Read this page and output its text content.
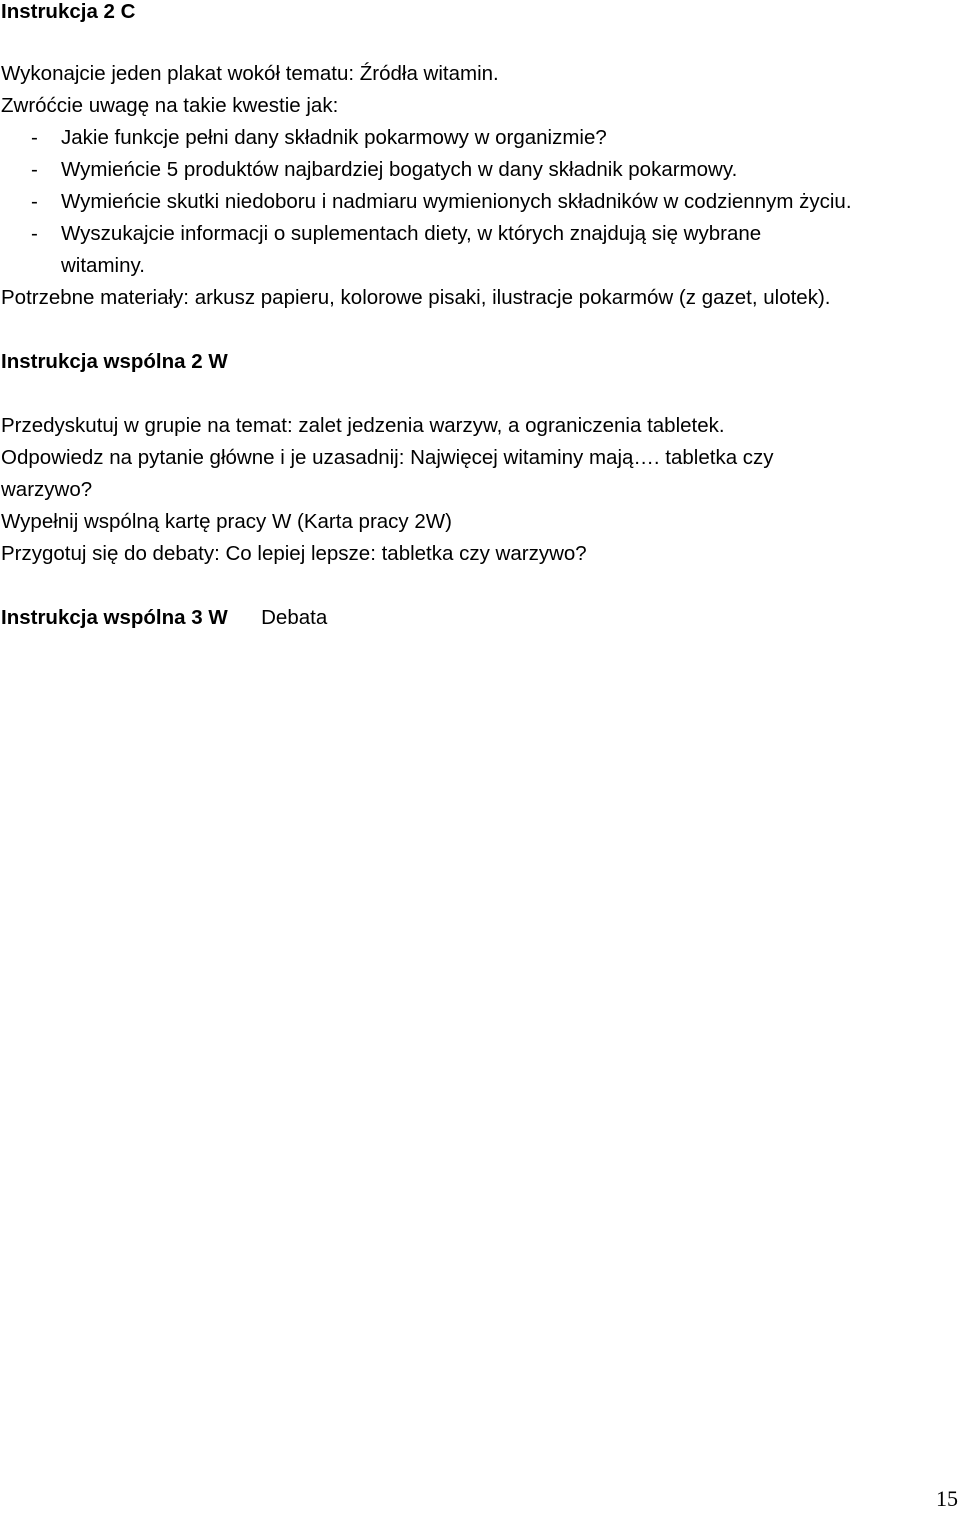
Instrukcja 2 C
Wykonajcie jeden plakat wokół tematu: Źródła witamin.
Zwróćcie uwagę na takie kwestie jak:
- Jakie funkcje pełni dany składnik pokarmowy w organizmie?
- Wymieńcie 5 produktów najbardziej bogatych w dany składnik pokarmowy.
- Wymieńcie skutki niedoboru i nadmiaru wymienionych składników w codziennym życiu.
- Wyszukajcie informacji o suplementach diety, w których znajdują się wybrane
witaminy.
Potrzebne materiały: arkusz papieru, kolorowe pisaki, ilustracje pokarmów (z gazet, ulotek).
Instrukcja wspólna 2 W
Przedyskutuj w grupie na temat: zalet jedzenia warzyw, a ograniczenia tabletek.
Odpowiedz na pytanie główne i je uzasadnij: Najwięcej witaminy mają…. tabletka czy
warzywo?
Wypełnij wspólną kartę pracy W (Karta pracy 2W)
Przygotuj się do debaty: Co lepiej lepsze: tabletka czy warzywo?
Instrukcja wspólna 3 W Debata
15
